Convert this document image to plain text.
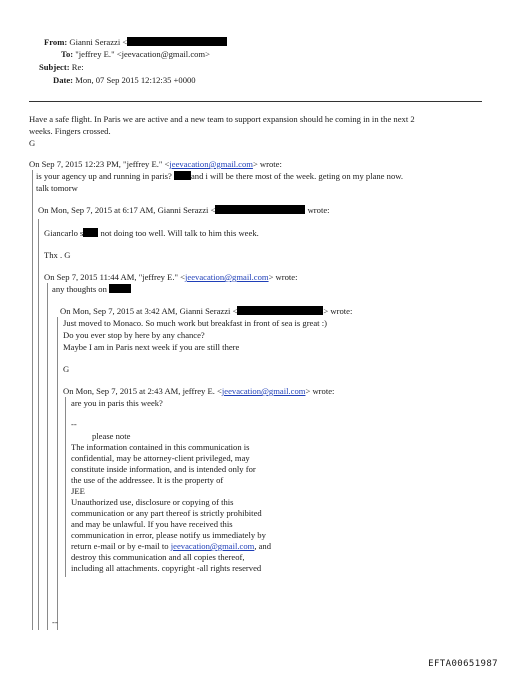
From: Gianni Serazzi <
To: "jeffrey E." <jeevacation@gmail.com>
Subject: Re:
Date: Mon, 07 Sep 2015 12:12:35 +0000
Have a safe flight. In Paris we are active and a new team to support expansion should he coming in in the next 2
weeks. Fingers crossed.
G
On Sep 7, 2015 12:23 PM, "jeffrey E." <jeevacation@gmail.com> wrote:
is your agency up and running in paris? and i will be there most of the week. geting on my plane now.
talk tomorw
On Mon, Sep 7, 2015 at 6:17 AM, Gianni Serazzi <	wrote:
Giancarlo s not doing too well. Will talk to him this week.
Thx . G
On Sep 7, 2015 11:44 AM, "jeffrey E." <jeevacation@gmail.com> wrote:
any thoughts on
On Mon, Sep 7, 2015 at 3:42 AM, Gianni Serazzi <	> wrote:
Just moved to Monaco. So much work but breakfast in front of sea is great :)
Do you ever stop by here by any chance?
Maybe I am in Paris next week if you are still there
G
On Mon, Sep 7, 2015 at 2:43 AM, jeffrey E. <jeevacation@gmail.com> wrote:
are you in paris this week?
--
please note
The information contained in this communication is
confidential, may be attorney-client privileged, may
constitute inside information, and is intended only for
the use of the addressee. It is the property of
JEE
Unauthorized use, disclosure or copying of this
communication or any part thereof is strictly prohibited
and may be unlawful. If you have received this
communication in error, please notify us immediately by
return e-mail or by e-mail to jeevacation@gmail.com, and
destroy this communication and all copies thereof,
including all attachments. copyright -all rights reserved
--
EFTA00651987
